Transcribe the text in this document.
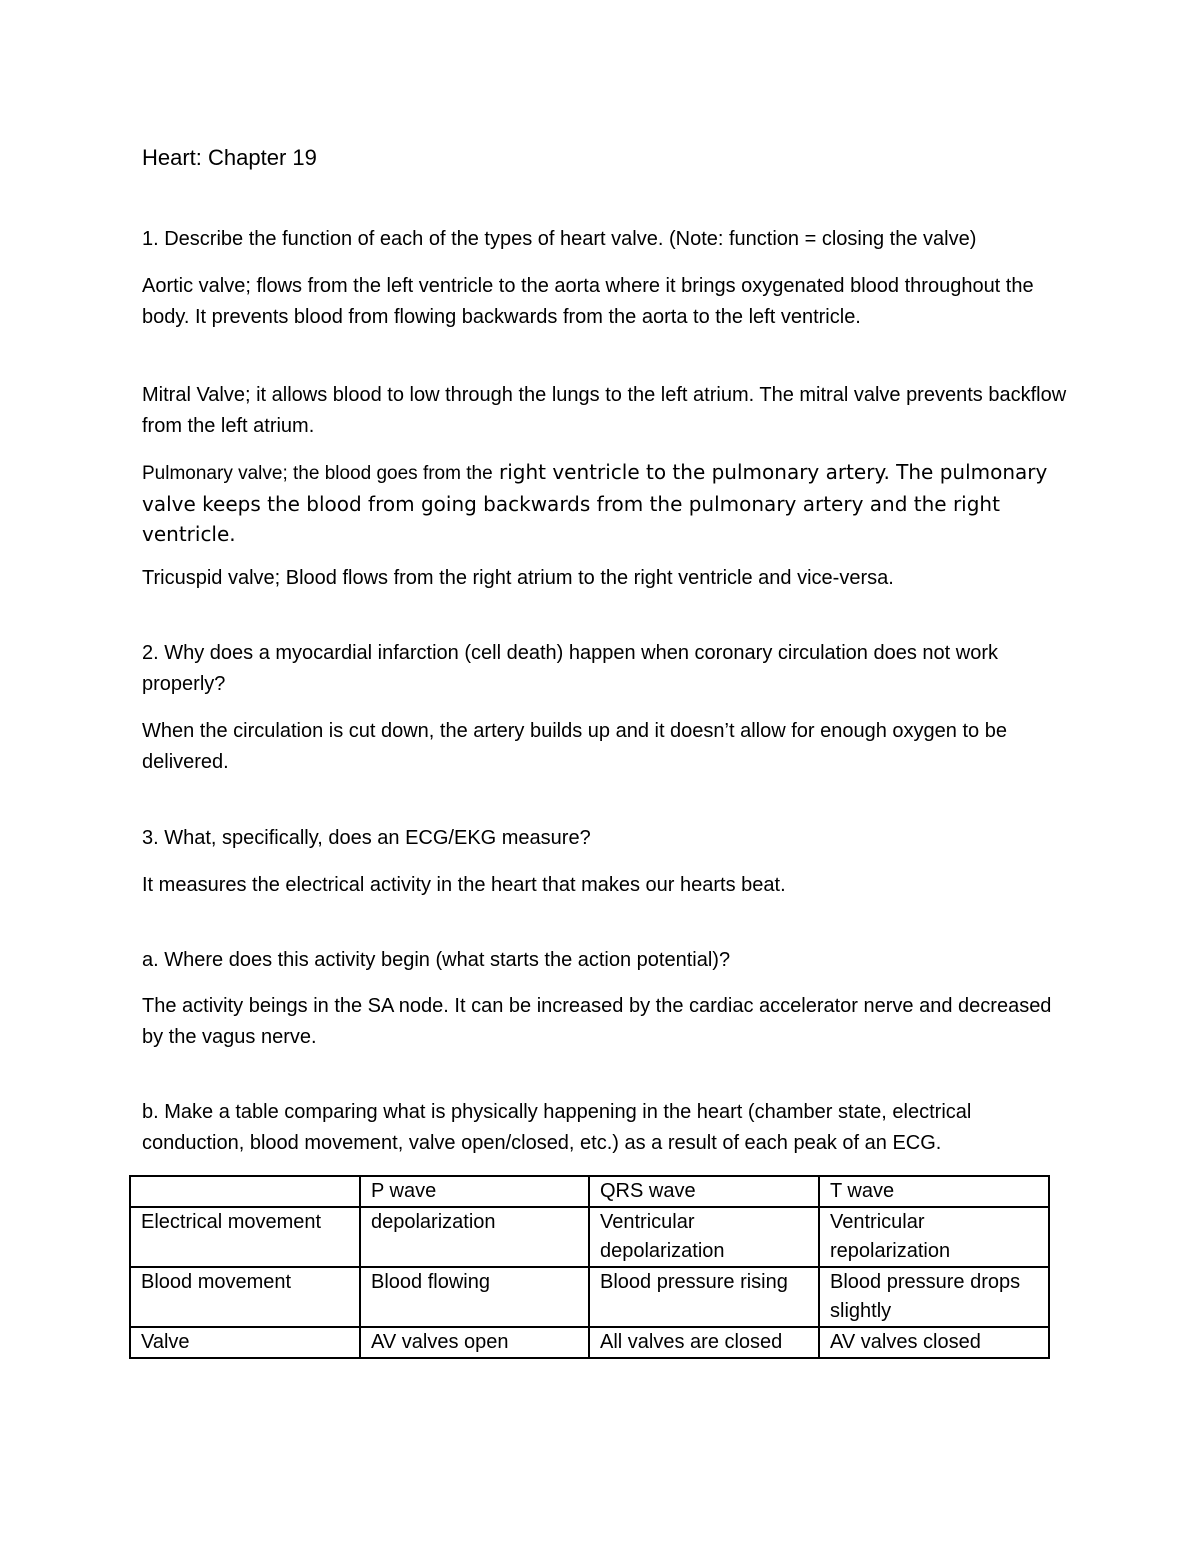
Heart: Chapter 19

1. Describe the function of each of the types of heart valve. (Note: function = closing the valve)

Aortic valve; flows from the left ventricle to the aorta where it brings oxygenated blood throughout the body. It prevents blood from flowing backwards from the aorta to the left ventricle.

Mitral Valve; it allows blood to low through the lungs to the left atrium. The mitral valve prevents backflow from the left atrium.

Pulmonary valve; the blood goes from the right ventricle to the pulmonary artery. The pulmonary valve keeps the blood from going backwards from the pulmonary artery and the right ventricle.

Tricuspid valve; Blood flows from the right atrium to the right ventricle and vice-versa.

2. Why does a myocardial infarction (cell death) happen when coronary circulation does not work properly?

When the circulation is cut down, the artery builds up and it doesn’t allow for enough oxygen to be delivered.

3. What, specifically, does an ECG/EKG measure?

It measures the electrical activity in the heart that makes our hearts beat.

a. Where does this activity begin (what starts the action potential)?

The activity beings in the SA node. It can be increased by the cardiac accelerator nerve and decreased by the vagus nerve.

b. Make a table comparing what is physically happening in the heart (chamber state, electrical conduction, blood movement, valve open/closed, etc.) as a result of each peak of an ECG.

	P wave	QRS wave	T wave
Electrical movement	depolarization	Ventricular depolarization	Ventricular repolarization
Blood movement	Blood flowing	Blood pressure rising	Blood pressure drops slightly
Valve	AV valves open	All valves are closed	AV valves closed
